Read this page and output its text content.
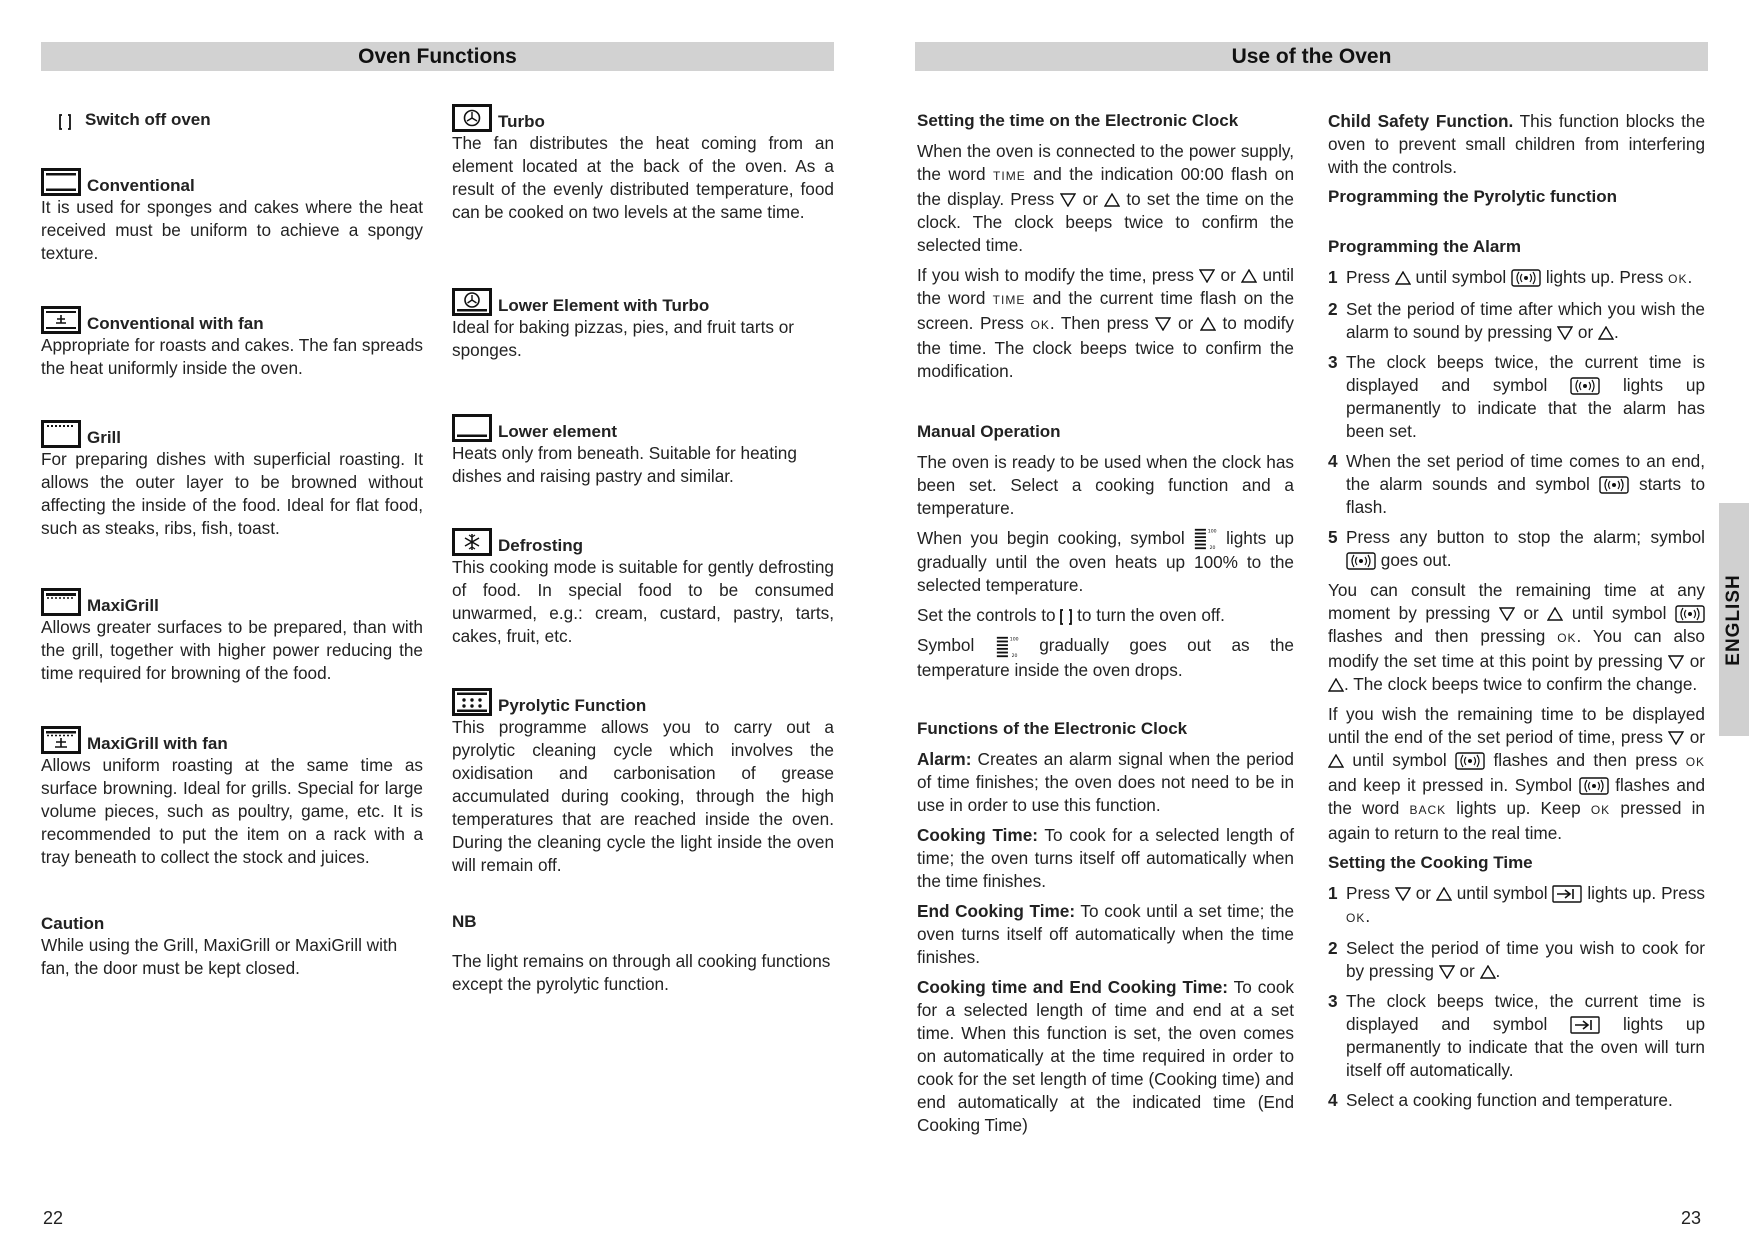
Oven Functions	Use of the Oven
Switch off oven
Conventional

It is used for sponges and cakes where the heat received must be uniform to achieve a spongy texture.

Conventional with fan

Appropriate for roasts and cakes. The fan spreads the heat uniformly inside the oven.

Grill

For preparing dishes with superficial roasting. It allows the outer layer to be browned without affecting the inside of the food. Ideal for flat food, such as steaks, ribs, fish, toast.

MaxiGrill

Allows greater surfaces to be prepared, than with the grill, together with higher power reducing the time required for browning of the food.

MaxiGrill with fan

Allows uniform roasting at the same time as surface browning. Ideal for grills. Special for large volume pieces, such as poultry, game, etc. It is recommended to put the item on a rack with a tray beneath to collect the stock and juices.

Caution

While using the Grill, MaxiGrill or MaxiGrill with fan, the door must be kept closed.

Turbo

The fan distributes the heat coming from an element located at the back of the oven. As a result of the evenly distributed temperature, food can be cooked on two levels at the same time.

Lower Element with Turbo

Ideal for baking pizzas, pies, and fruit tarts or sponges.

Lower element

Heats only from beneath. Suitable for heating dishes and raising pastry and similar.

Defrosting

This cooking mode is suitable for gently defrosting of food. In special food to be consumed unwarmed, e.g.: cream, custard, pastry, tarts, cakes, fruit, etc.

Pyrolytic Function

This programme allows you to carry out a pyrolytic cleaning cycle which involves the oxidisation and carbonisation of grease accumulated during cooking, through the high temperatures that are reached inside the oven. During the cleaning cycle the light inside the oven will remain off.

NB

The light remains on through all cooking functions except the pyrolytic function.

Setting the time on the Electronic Clock

When the oven is connected to the power supply, the word TIME and the indication 00:00 flash on the display. Press or to set the time on the clock. The clock beeps twice to confirm the selected time.

If you wish to modify the time, press or until the word TIME and the current time flash on the screen. Press OK. Then press or to modify the time. The clock beeps twice to confirm the modification.

Manual Operation

The oven is ready to be used when the clock has been set. Select a cooking function and a temperature.

When you begin cooking, symbol lights up gradually until the oven heats up 100% to the selected temperature.

Set the controls to to turn the oven off.

Symbol	gradually goes out as the temperature inside the oven drops.

Functions of the Electronic Clock

Alarm: Creates an alarm signal when the period of time finishes; the oven does not need to be in use in order to use this function.

Cooking Time: To cook for a selected length of time; the oven turns itself off automatically when the time finishes.

End Cooking Time: To cook until a set time; the oven turns itself off automatically when the time finishes.

Cooking time and End Cooking Time: To cook for a selected length of time and end at a set time. When this function is set, the oven comes on automatically at the time required in order to cook for the set length of time (Cooking time) and end automatically at the indicated time (End Cooking Time)

Child Safety Function. This function blocks the oven to prevent small children from interfering with the controls.

Programming the Pyrolytic function
Programming the Alarm
1 Press until symbol lights up. Press OK.
2 Set the period of time after which you wish the alarm to sound by pressing or .
3 The clock beeps twice, the current time is displayed and symbol	lights up permanently to indicate that the alarm has been set.
4 When the set period of time comes to an end, the alarm sounds and symbol	starts to flash.
5 Press any button to stop the alarm; symbol
goes out.

You can consult the remaining time at any moment by pressing or until symbol
flashes and then pressing OK. You can also modify the set time at this point by pressing or
. The clock beeps twice to confirm the change.

If you wish the remaining time to be displayed until the end of the set period of time, press or
until symbol	flashes and then press OK and keep it pressed in. Symbol	flashes and the word BACK lights up. Keep OK pressed in again to return to the real time.

Setting the Cooking Time
1 Press or until symbol lights up. Press OK.
2 Select the period of time you wish to cook for by pressing or .
3 The clock beeps twice, the current time is displayed and symbol	lights up permanently to indicate that the oven will turn itself off automatically.
4 Select a cooking function and temperature.
ENGLISH
22	23
